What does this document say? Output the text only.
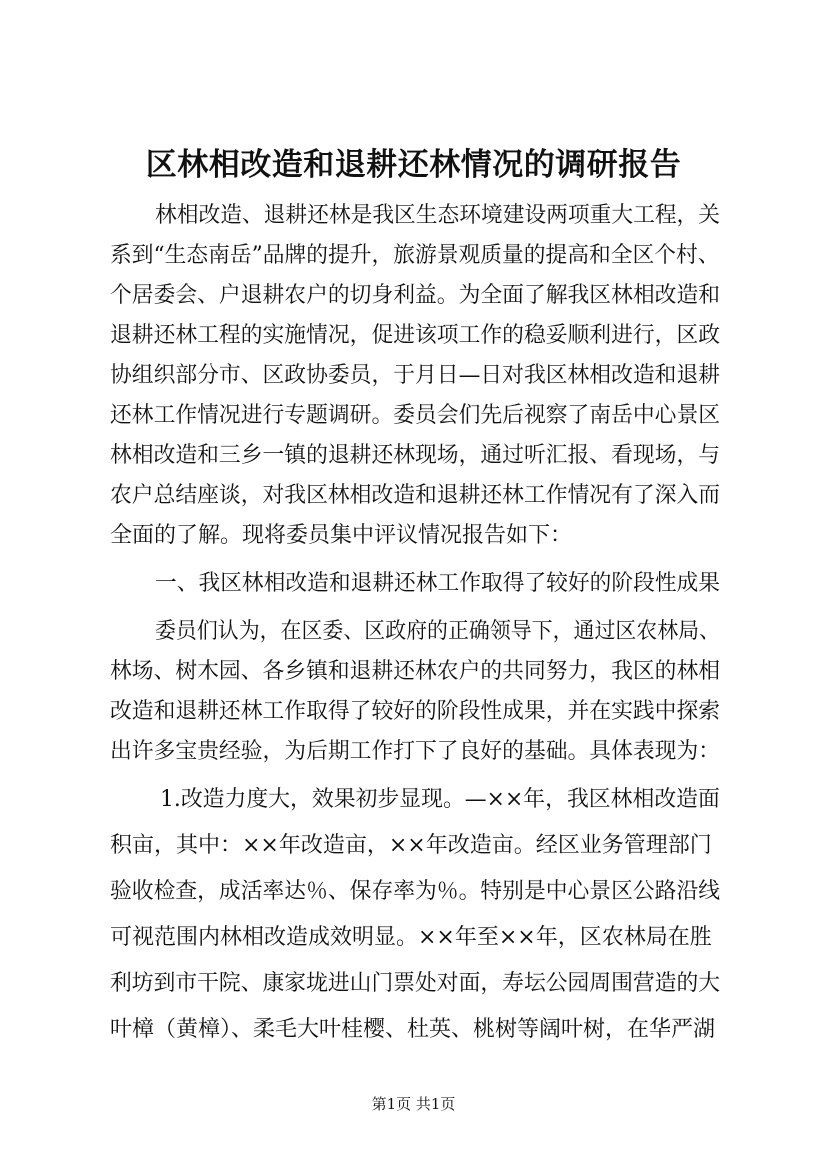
区林相改造和退耕还林情况的调研报告
林相改造、退耕还林是我区生态环境建设两项重大工程，关
系到“生态南岳”品牌的提升，旅游景观质量的提高和全区个村、
个居委会、户退耕农户的切身利益。为全面了解我区林相改造和
退耕还林工程的实施情况，促进该项工作的稳妥顺利进行，区政
协组织部分市、区政协委员，于月日—日对我区林相改造和退耕
还林工作情况进行专题调研。委员会们先后视察了南岳中心景区
林相改造和三乡一镇的退耕还林现场，通过听汇报、看现场，与
农户总结座谈，对我区林相改造和退耕还林工作情况有了深入而
全面的了解。现将委员集中评议情况报告如下：
一、我区林相改造和退耕还林工作取得了较好的阶段性成果
委员们认为，在区委、区政府的正确领导下，通过区农林局、
林场、树木园、各乡镇和退耕还林农户的共同努力，我区的林相
改造和退耕还林工作取得了较好的阶段性成果，并在实践中探索
出许多宝贵经验，为后期工作打下了良好的基础。具体表现为：
1.改造力度大，效果初步显现。—××年，我区林相改造面
积亩，其中：××年改造亩，××年改造亩。经区业务管理部门
验收检查，成活率达％、保存率为％。特别是中心景区公路沿线
可视范围内林相改造成效明显。××年至××年，区农林局在胜
利坊到市干院、康家垅进山门票处对面，寿坛公园周围营造的大
叶樟（黄樟）、柔毛大叶桂樱、杜英、桃树等阔叶树，在华严湖
第1页 共1页
